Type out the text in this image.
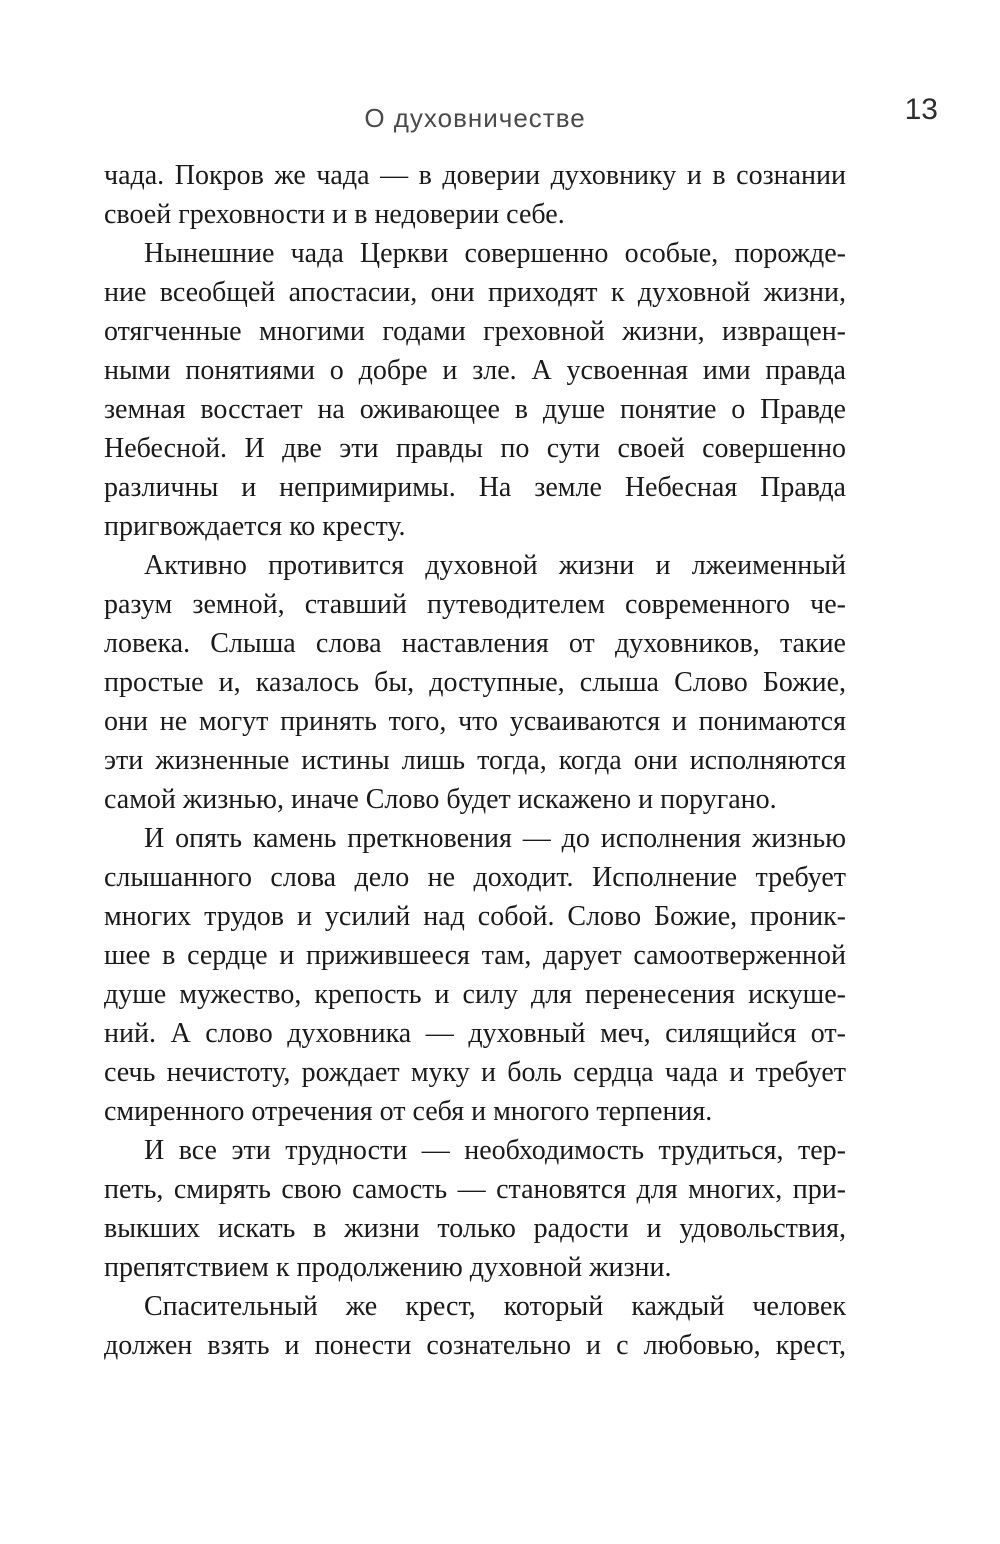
О духовничестве	13
чада. Покров же чада — в доверии духовнику и в сознании
своей греховности и в недоверии себе.
Нынешние чада Церкви совершенно особые, порожде-
ние всеобщей апостасии, они приходят к духовной жизни,
отягченные многими годами греховной жизни, извращен-
ными понятиями о добре и зле. А усвоенная ими правда
земная восстает на оживающее в душе понятие о Правде
Небесной. И две эти правды по сути своей совершенно
различны и непримиримы. На земле Небесная Правда
пригвождается ко кресту.
Активно противится духовной жизни и лжеименный
разум земной, ставший путеводителем современного че-
ловека. Слыша слова наставления от духовников, такие
простые и, казалось бы, доступные, слыша Слово Божие,
они не могут принять того, что усваиваются и понимаются
эти жизненные истины лишь тогда, когда они исполняются
самой жизнью, иначе Слово будет искажено и поругано.
И опять камень преткновения — до исполнения жизнью
слышанного слова дело не доходит. Исполнение требует
многих трудов и усилий над собой. Слово Божие, проник-
шее в сердце и прижившееся там, дарует самоотверженной
душе мужество, крепость и силу для перенесения искуше-
ний. А слово духовника — духовный меч, силящийся от-
сечь нечистоту, рождает муку и боль сердца чада и требует
смиренного отречения от себя и многого терпения.
И все эти трудности — необходимость трудиться, тер-
петь, смирять свою самость — становятся для многих, при-
выкших искать в жизни только радости и удовольствия,
препятствием к продолжению духовной жизни.
Спасительный же крест, который каждый человек
должен взять и понести сознательно и с любовью, крест,
